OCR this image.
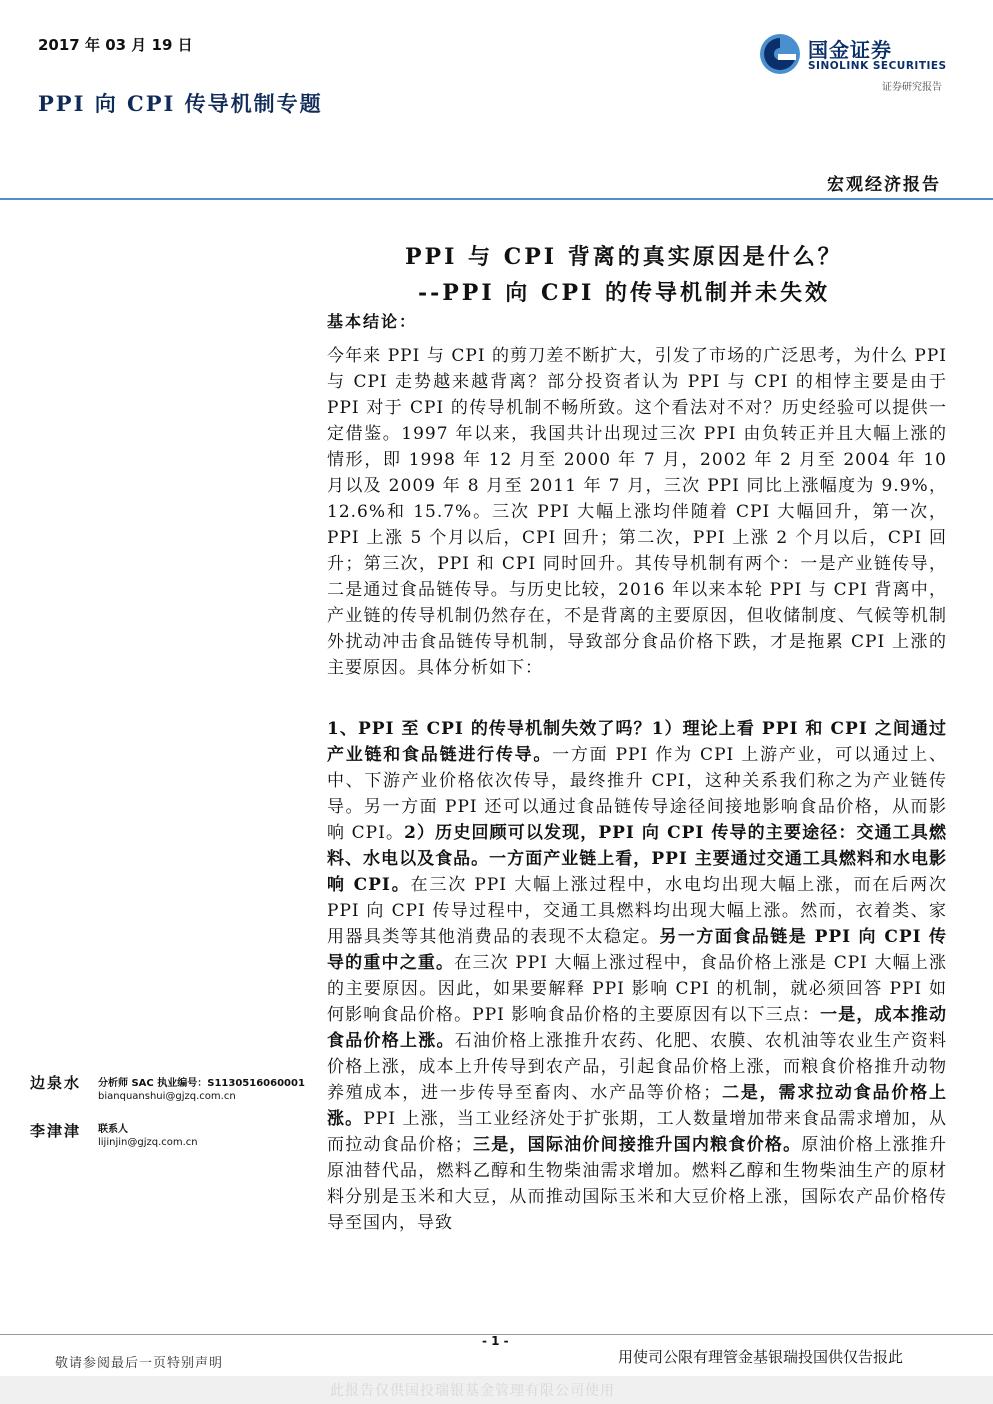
2017 年 03 月 19 日
PPI 向 CPI 传导机制专题
国金证券
SINOLINK SECURITIES
证券研究报告
宏观经济报告
PPI 与 CPI 背离的真实原因是什么？
--PPI 向 CPI 的传导机制并未失效
基本结论：

今年来 PPI 与 CPI 的剪刀差不断扩大，引发了市场的广泛思考，为什么 PPI 与 CPI 走势越来越背离？部分投资者认为 PPI 与 CPI 的相悖主要是由于 PPI 对于 CPI 的传导机制不畅所致。这个看法对不对？历史经验可以提供一定借鉴。1997 年以来，我国共计出现过三次 PPI 由负转正并且大幅上涨的情形，即 1998 年 12 月至 2000 年 7 月，2002 年 2 月至 2004 年 10 月以及 2009 年 8 月至 2011 年 7 月，三次 PPI 同比上涨幅度为 9.9%，12.6%和 15.7%。三次 PPI 大幅上涨均伴随着 CPI 大幅回升，第一次，PPI 上涨 5 个月以后，CPI 回升；第二次，PPI 上涨 2 个月以后，CPI 回升；第三次，PPI 和 CPI 同时回升。其传导机制有两个：一是产业链传导，二是通过食品链传导。与历史比较，2016 年以来本轮 PPI 与 CPI 背离中，产业链的传导机制仍然存在，不是背离的主要原因，但收储制度、气候等机制外扰动冲击食品链传导机制，导致部分食品价格下跌，才是拖累 CPI 上涨的主要原因。具体分析如下：

1、PPI 至 CPI 的传导机制失效了吗？1）理论上看 PPI 和 CPI 之间通过产业链和食品链进行传导。一方面 PPI 作为 CPI 上游产业，可以通过上、中、下游产业价格依次传导，最终推升 CPI，这种关系我们称之为产业链传导。另一方面 PPI 还可以通过食品链传导途径间接地影响食品价格，从而影响 CPI。2）历史回顾可以发现，PPI 向 CPI 传导的主要途径：交通工具燃料、水电以及食品。一方面产业链上看，PPI 主要通过交通工具燃料和水电影响 CPI。在三次 PPI 大幅上涨过程中，水电均出现大幅上涨，而在后两次 PPI 向 CPI 传导过程中，交通工具燃料均出现大幅上涨。然而，衣着类、家用器具类等其他消费品的表现不太稳定。另一方面食品链是 PPI 向 CPI 传导的重中之重。在三次 PPI 大幅上涨过程中，食品价格上涨是 CPI 大幅上涨的主要原因。因此，如果要解释 PPI 影响 CPI 的机制，就必须回答 PPI 如何影响食品价格。PPI 影响食品价格的主要原因有以下三点：一是，成本推动食品价格上涨。石油价格上涨推升农药、化肥、农膜、农机油等农业生产资料价格上涨，成本上升传导到农产品，引起食品价格上涨，而粮食价格推升动物养殖成本，进一步传导至畜肉、水产品等价格；二是，需求拉动食品价格上涨。PPI 上涨，当工业经济处于扩张期，工人数量增加带来食品需求增加，从而拉动食品价格；三是，国际油价间接推升国内粮食价格。原油价格上涨推升原油替代品，燃料乙醇和生物柴油需求增加。燃料乙醇和生物柴油生产的原材料分别是玉米和大豆，从而推动国际玉米和大豆价格上涨，国际农产品价格传导至国内，导致

边泉水 分析师 SAC 执业编号：S1130516060001
bianquanshui@gjzq.com.cn
李津津 联系人
lijinjin@gjzq.com.cn
- 1 -
敬请参阅最后一页特别声明	用使司公限有理管金基银瑞投国供仅告报此
此报告仅供国投瑞银基金管理有限公司使用
